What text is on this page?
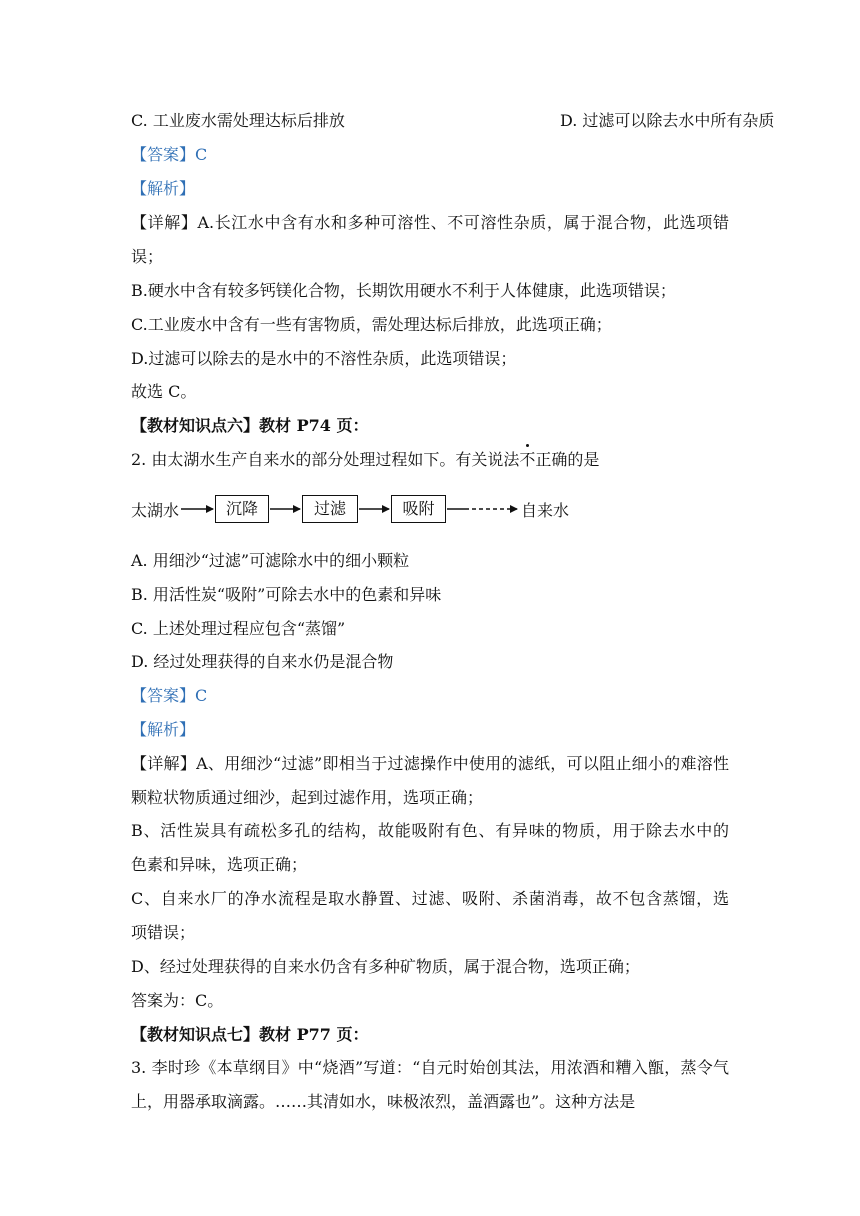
C. 工业废水需处理达标后排放	D. 过滤可以除去水中所有杂质
【答案】C
【解析】
【详解】A.长江水中含有水和多种可溶性、不可溶性杂质，属于混合物，此选项错
误；
B.硬水中含有较多钙镁化合物，长期饮用硬水不利于人体健康，此选项错误；
C.工业废水中含有一些有害物质，需处理达标后排放，此选项正确；
D.过滤可以除去的是水中的不溶性杂质，此选项错误；
故选 C。
【教材知识点六】教材 P74 页：
2. 由太湖水生产自来水的部分处理过程如下。有关说法不正确的是
太湖水	沉降	过滤	吸附	自来水
A. 用细沙“过滤”可滤除水中的细小颗粒
B. 用活性炭“吸附”可除去水中的色素和异味
C. 上述处理过程应包含“蒸馏”
D. 经过处理获得的自来水仍是混合物
【答案】C
【解析】
【详解】A、用细沙“过滤”即相当于过滤操作中使用的滤纸，可以阻止细小的难溶性
颗粒状物质通过细沙，起到过滤作用，选项正确；
B、活性炭具有疏松多孔的结构，故能吸附有色、有异味的物质，用于除去水中的
色素和异味，选项正确；
C、自来水厂的净水流程是取水静置、过滤、吸附、杀菌消毒，故不包含蒸馏，选
项错误；
D、经过处理获得的自来水仍含有多种矿物质，属于混合物，选项正确；
答案为：C。
【教材知识点七】教材 P77 页：
3. 李时珍《本草纲目》中“烧酒”写道：“自元时始创其法，用浓酒和糟入甑，蒸令气
上，用器承取滴露。……其清如水，味极浓烈，盖酒露也”。这种方法是
